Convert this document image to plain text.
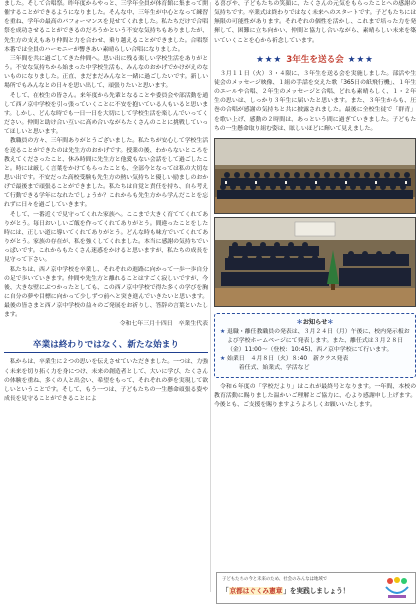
ました。そして合唱祭。昨年度からやっと、三学年全員が体育館に集まって開催することができるようになりました。そんな中、三年生が中心となって練習を重ね、学年の最高のパフォーマンスを見せてくれました。私たちだけで合唱祭を成功させることができるのだろうかという不安な気持ちもありましたが、先生方の支えもあり仲間と力を合わせ、乗り越えることができました。合唱祭本番では全員のハーモニーが響きあい素晴らしい合唱になりました。

　三年間を共に過ごしてきた仲間へ。思い出に残る楽しい学校生活をありがとう。不安な気持ちから始まった中学校生活も、みんなのおかげでかけがえのないものになりました。正直、まだまだみんなと一緒に過ごしたいです。新しい場所でもみんなとの日々を思い出して、頑張りたいと思います。

　そして、在校生の皆さん。来年度から先輩となることや委員会や部活動を通して西ノ京中学校を引っ張っていくことに不安を抱いている人もいると思います。しかし、どんな時でも一日一日を大切にして学校生活を楽しんでいってください。仲間と助け合い互いに高め合いながらたくさんのことに挑戦していってほしいと思います。

　教職員の方々、三年間ありがとうございました。私たちが安心して学校生活を送ることができたのは先生方のおかげです。授業の後、わからないところを教えてくださったこと、休み時間に先生方と他愛もない会話をして過ごしたこと。時には厳しく言葉をかけてもらったことも、全部今となっては私の大切な思い出です。不安だった高校受験も先生方の熱い気持ちと優しい励ましのおかげで最後まで頑張ることができました。私たちは自覚と責任を持ち、自ら考えて行動できる学年になれたでしょうか？これからも先生方から学んだことを忘れずに日々を過ごしていきます。

　そして、一番近くで見守ってくれた家族へ。ここまで大きく育ててくれてありがとう。毎日おいしいご飯を作ってくれてありがとう。間違ったことをした時には、正しい道に導いてくれてありがとう。どんな時も味方でいてくれてありがとう。家族の存在が、私を強くしてくれました。本当に感謝の気持ちでいっぱいです。これからもたくさん迷惑をかけると思いますが、私たちの成長を見守って下さい。

　私たちは、西ノ京中学校を卒業し、それぞれの進路に向かって一歩一歩自分の足で歩いていきます。仲間や先生方と離れることはすごく寂しいですが、今後、大きな壁にぶつかったとしても、この西ノ京中学校で得た多くの学びを胸に自分の夢や目標に向かって少しずつ前へと突き進んでいきたいと思います。最後の皆さまと西ノ京中学校の益々のご発展をお祈りし、答辞の言葉といたします。

令和七年三月十四日　卒業生代表

卒業は終わりではなく、新たな始まり

　私からは、卒業生に２つの思いを伝えさせていただきました。一つは、力強く未来を切り拓く力を身につけ、未来の創造者として、大いに学び、たくさんの体験を重ね、多くの人と出会い、希望をもって、それぞれの夢を実現して欲しいということです。そして、もう一つは、子どもたちの一生懸命頑張る姿や成長を見守ることができることによ

る喜びや、子どもたちの笑顔に、たくさんの元気をもらったことへの感謝の気持ちです。卒業式は終わりではなく未来へのスタートです。子どもたちには無限の可能性があります。それぞれの個性を活かし、これまで培った力を発揮して、困難に立ち向かい、仲間と協力し合いながら、素晴らしい未来を築いていくことを心から祈念しています。

★★★ 3年生を送る会 ★★★

　３月１１日（火）３・４限に、３年生を送る会を実施しました。部活や生徒会のメッセージ映像、１組の手話を交えた歌「365日の紙飛行機」、１年生のエールや合唱、２年生のメッセージと合唱、どれも素晴らしく、１・２年生の思いは、しっかり３年生に届いたと思います。また、３年生からも、圧巻の合唱が感謝の気持ちと共に披露されました。最後に全校生徒で「群青」を歌い上げ、感動の２時間は、あっという間に過ぎていきました。子どもたちの一生懸命取り組む姿は、眩しいほどに輝いて見えました。

＊お知らせ＊
★ 退職・離任教職員の発表は、３月２４日（月）午後に、校内発示板および学校ホームページにて発表します。また、離任式は３月２８日（金）11:00～（登校：10:45)、西ノ京中学校にて行います。
★ 始業日　４月８日（火）８:40　新クラス発表
　　着任式、始業式、学活など

　令和６年度の「学校だより」はこれが最終号となります。一年間、本校の教育活動に賜りました温かいご理解とご協力に、心より感謝申し上げます。今後とも、ご支援を賜りますようよろしくお願いいたします。

子どもたちの今と未来のため、社会のみんなは地域で
「京都はぐくみ憲章」を実践しましょう！
